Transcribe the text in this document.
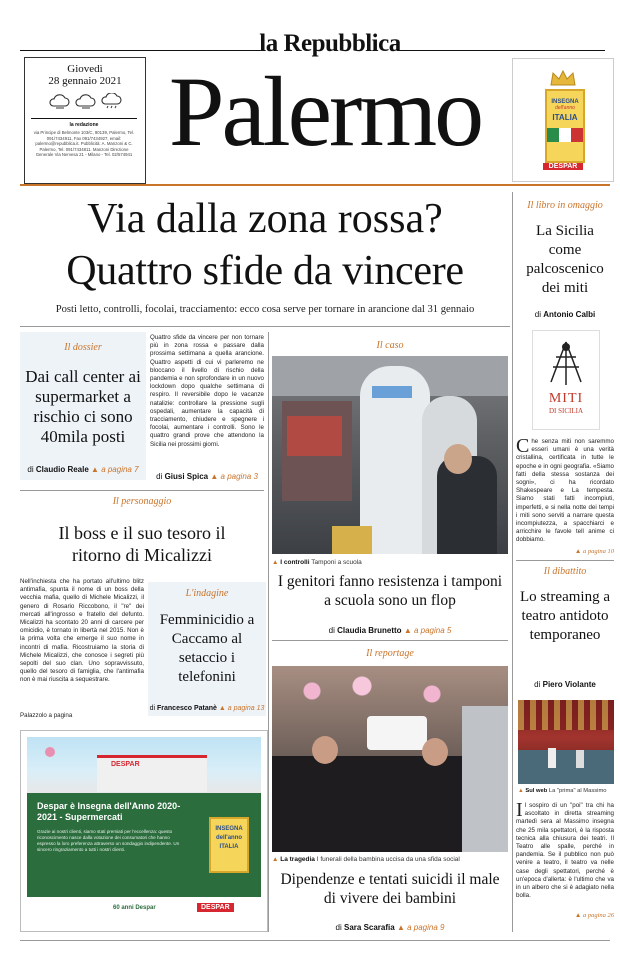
la Repubblica
Giovedì
28 gennaio 2021

la redazione
via Principe di Belmonte 103/C, 90139, Palermo, Tel. 091/7434911, Fax 091/7434927, email: palermo@repubblica.it. Pubblicità: A. Manzoni & C. Palermo, Tel. 091/7434811. Manzoni Direzione Generale Via Nervesa 21 - Milano - Tel. 02/574941 Palermo	INSEGNA
dell'anno
ITALIA
DESPAR
Via dalla zona rossa?
Quattro sfide da vincere
Posti letto, controlli, focolai, tracciamento: ecco cosa serve per tornare in arancione dal 31 gennaio
Il dossier
Dai call center ai supermarket a rischio ci sono 40mila posti
di Claudio Reale ▲ a pagina 7
Quattro sfide da vincere per non tornare più in zona rossa e passare dalla prossima settimana a quella arancione. Quattro aspetti di cui vi parleremo ne bloccano il livello di rischio della pandemia e non sprofondare in un nuovo lockdown dopo qualche settimana di respiro. Il reversibile dopo le vacanze natalizie: controllare la pressione sugli ospedali, aumentare la capacità di tracciamento, chiudere e spegnere i focolai, aumentare i controlli. Sono le quattro grandi prove che attendono la Sicilia nei prossimi giorni.
di Giusi Spica ▲ a pagina 3
Il caso
▲ I controlli Tamponi a scuola
I genitori fanno resistenza i tamponi a scuola sono un flop
di Claudia Brunetto ▲ a pagina 5
Il personaggio
Il boss e il suo tesoro il ritorno di Micalizzi
Nell'inchiesta che ha portato all'ultimo blitz antimafia, spunta il nome di un boss della vecchia mafia, quello di Michele Micalizzi, il genero di Rosario Riccobono, il "re" dei mercati all'ingrosso e fratello del defunto. Micalizzi ha scontato 20 anni di carcere per omicidio, è tornato in libertà nel 2015. Non è la prima volta che emerge il suo nome in incontri di mafia. Ricostruiamo la storia di Michele Micalizzi, che conosce i segreti più sepolti del suo clan. Uno sopravvissuto, quello del tesoro di famiglia, che l'antimafia non è mai riuscita a sequestrare.
Palazzolo a pagina
L'indagine
Femminicidio a Caccamo al setaccio i telefonini
di Francesco Patanè ▲ a pagina 13
DESPAR
Despar è Insegna dell'Anno 2020-2021 - Supermercati
Grazie ai nostri clienti, siamo stati premiati per l'eccellenza: questo riconoscimento nasce dalla votazione dei consumatori che hanno espresso la loro preferenza attraverso un sondaggio indipendente. Un sincero ringraziamento a tutti i nostri clienti.
INSEGNA dell'anno ITALIA
60 anni Despar	DESPAR
Il reportage
▲ La tragedia I funerali della bambina uccisa da una sfida social
Dipendenze e tentati suicidi il male di vivere dei bambini
di Sara Scarafia ▲ a pagina 9
Il libro in omaggio
La Sicilia come palcoscenico dei miti
di Antonio Calbi
MITI
DI SICILIA
Che senza miti non saremmo esseri umani è una verità cristallina, certificata in tutte le epoche e in ogni geografia. «Siamo fatti della stessa sostanza dei sogni», ci ha ricordato Shakespeare e La tempesta. Siamo stati fatti incompiuti, imperfetti, e si nella notte dei tempi i miti sono serviti a narrare questa incompiutezza, a spacchiarci e arricchire le favole tell anime ci dobbiamo.
▲ a pagina 10
Il dibattito
Lo streaming a teatro antidoto temporaneo
di Piero Violante
▲ Sul web La "prima" al Massimo
Il sospiro di un "poi" tra chi ha ascoltato in diretta streaming martedì sera al Massimo insegna che 25 mila spettatori, è la risposta tecnica alla chiusura dei teatri. Il Teatro alle spalle, perché in pandemia. Se il pubblico non può venire a teatro, il teatro va nelle case degli spettatori, perché è un'epoca d'allerta: è l'ultimo che va in un albero che si è adagiato nella bolla.
▲ a pagina 26
